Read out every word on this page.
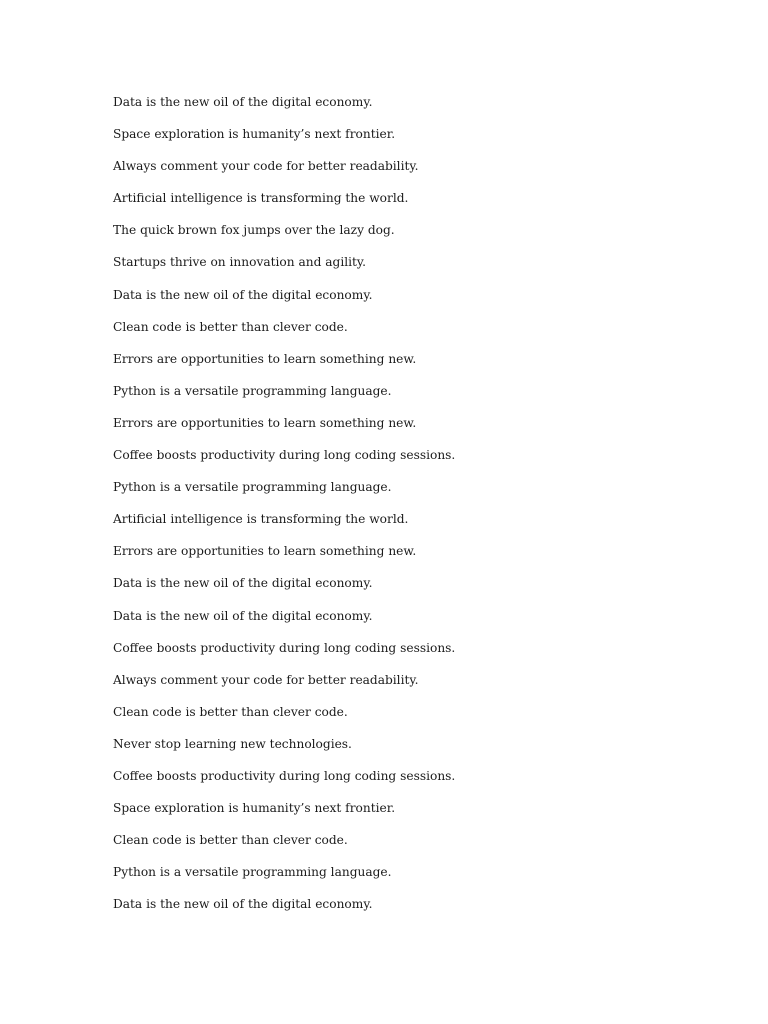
Data is the new oil of the digital economy.
Space exploration is humanity’s next frontier.
Always comment your code for better readability.
Artificial intelligence is transforming the world.
The quick brown fox jumps over the lazy dog.
Startups thrive on innovation and agility.
Data is the new oil of the digital economy.
Clean code is better than clever code.
Errors are opportunities to learn something new.
Python is a versatile programming language.
Errors are opportunities to learn something new.
Coffee boosts productivity during long coding sessions.
Python is a versatile programming language.
Artificial intelligence is transforming the world.
Errors are opportunities to learn something new.
Data is the new oil of the digital economy.
Data is the new oil of the digital economy.
Coffee boosts productivity during long coding sessions.
Always comment your code for better readability.
Clean code is better than clever code.
Never stop learning new technologies.
Coffee boosts productivity during long coding sessions.
Space exploration is humanity’s next frontier.
Clean code is better than clever code.
Python is a versatile programming language.
Data is the new oil of the digital economy.
